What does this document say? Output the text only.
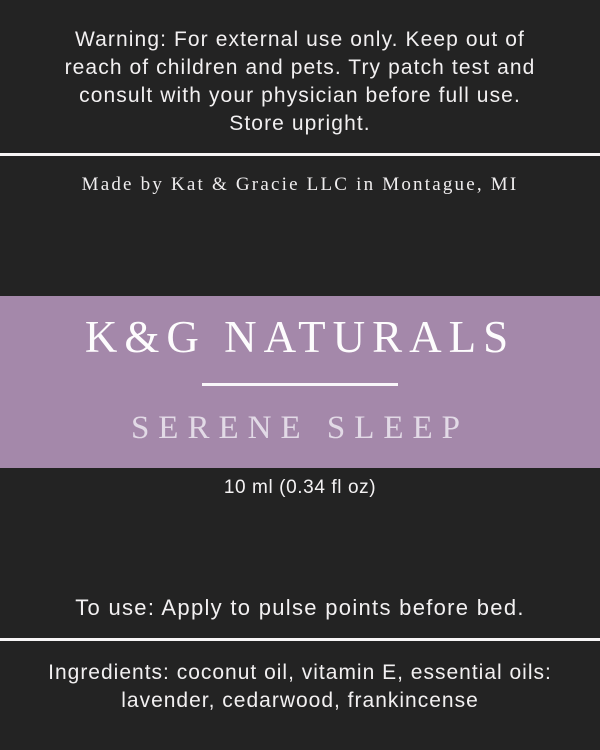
Warning: For external use only. Keep out of
reach of children and pets. Try patch test and
consult with your physician before full use.
Store upright.
Made by Kat & Gracie LLC in Montague, MI
K&G NATURALS
SERENE SLEEP
10 ml (0.34 fl oz)
To use: Apply to pulse points before bed.
Ingredients: coconut oil, vitamin E, essential oils:
lavender, cedarwood, frankincense
